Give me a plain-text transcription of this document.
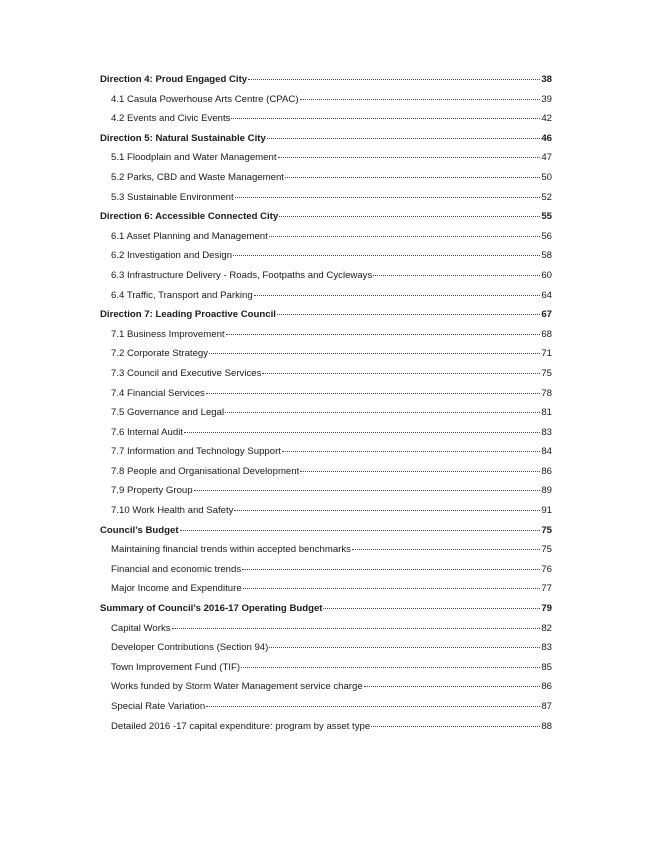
Direction 4: Proud Engaged City	38
4.1 Casula Powerhouse Arts Centre (CPAC)	39
4.2 Events and Civic Events	42
Direction 5: Natural Sustainable City	46
5.1 Floodplain and Water Management	47
5.2 Parks, CBD and Waste Management	50
5.3 Sustainable Environment	52
Direction 6: Accessible Connected City	55
6.1 Asset Planning and Management	56
6.2 Investigation and Design	58
6.3 Infrastructure Delivery - Roads, Footpaths and Cycleways	60
6.4 Traffic, Transport and Parking	64
Direction 7: Leading Proactive Council	67
7.1 Business Improvement	68
7.2 Corporate Strategy	71
7.3 Council and Executive Services	75
7.4 Financial Services	78
7.5 Governance and Legal	81
7.6 Internal Audit	83
7.7 Information and Technology Support	84
7.8 People and Organisational Development	86
7.9 Property Group	89
7.10 Work Health and Safety	91
Council’s Budget	75
Maintaining financial trends within accepted benchmarks	75
Financial and economic trends	76
Major Income and Expenditure	77
Summary of Council’s 2016-17 Operating Budget	79
Capital Works	82
Developer Contributions (Section 94)	83
Town Improvement Fund (TIF)	85
Works funded by Storm Water Management service charge	86
Special Rate Variation	87
Detailed 2016 -17 capital expenditure: program by asset type	88
